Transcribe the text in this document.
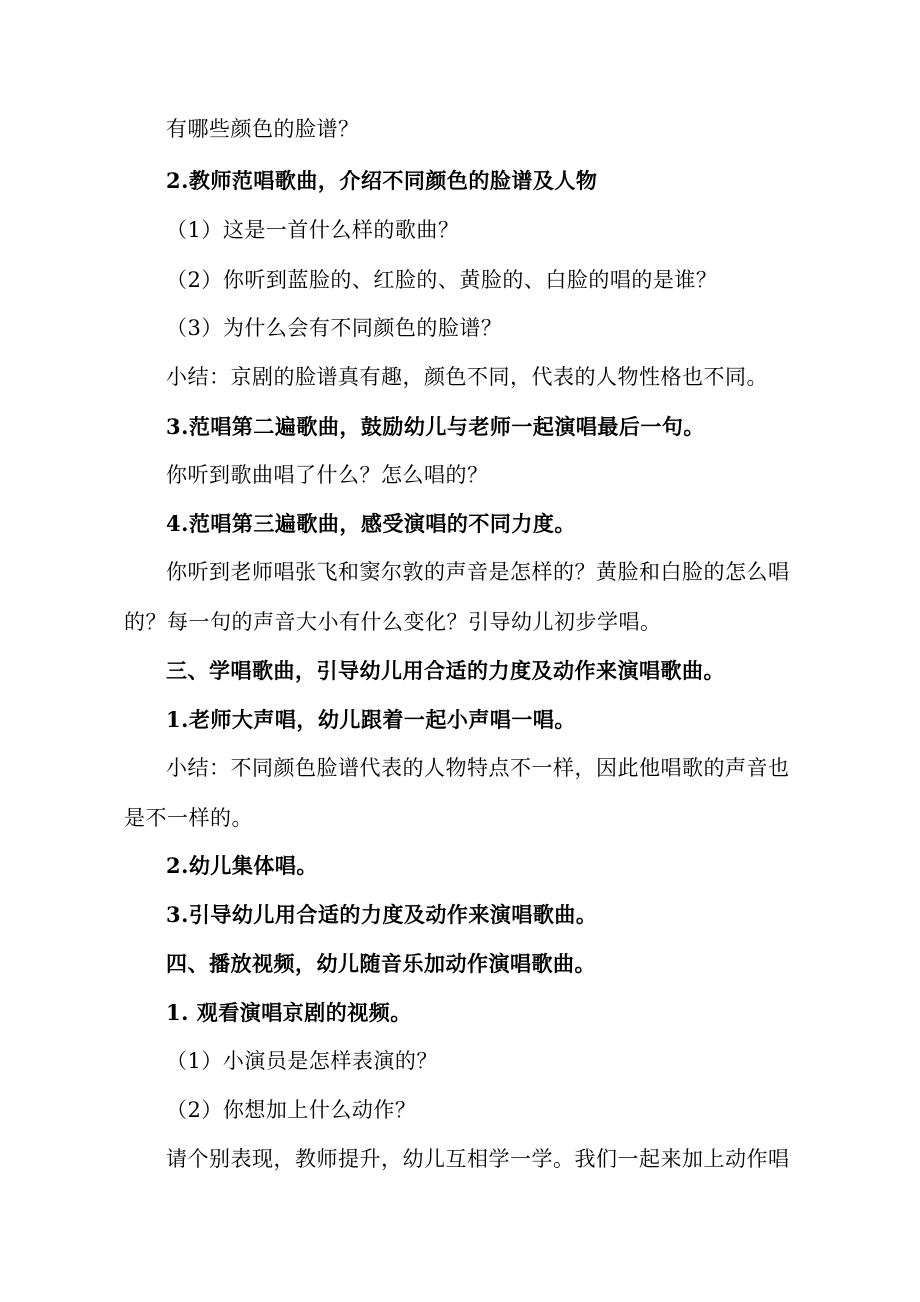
有哪些颜色的脸谱？
2.教师范唱歌曲，介绍不同颜色的脸谱及人物
（1）这是一首什么样的歌曲？
（2）你听到蓝脸的、红脸的、黄脸的、白脸的唱的是谁？
（3）为什么会有不同颜色的脸谱？
小结：京剧的脸谱真有趣，颜色不同，代表的人物性格也不同。
3.范唱第二遍歌曲，鼓励幼儿与老师一起演唱最后一句。
你听到歌曲唱了什么？怎么唱的？
4.范唱第三遍歌曲，感受演唱的不同力度。
你听到老师唱张飞和窦尔敦的声音是怎样的？黄脸和白脸的怎么唱
的？每一句的声音大小有什么变化？引导幼儿初步学唱。
三、学唱歌曲，引导幼儿用合适的力度及动作来演唱歌曲。
1.老师大声唱，幼儿跟着一起小声唱一唱。
小结：不同颜色脸谱代表的人物特点不一样，因此他唱歌的声音也
是不一样的。
2.幼儿集体唱。
3.引导幼儿用合适的力度及动作来演唱歌曲。
四、播放视频，幼儿随音乐加动作演唱歌曲。
1. 观看演唱京剧的视频。
（1）小演员是怎样表演的？
（2）你想加上什么动作？
请个别表现，教师提升，幼儿互相学一学。我们一起来加上动作唱
